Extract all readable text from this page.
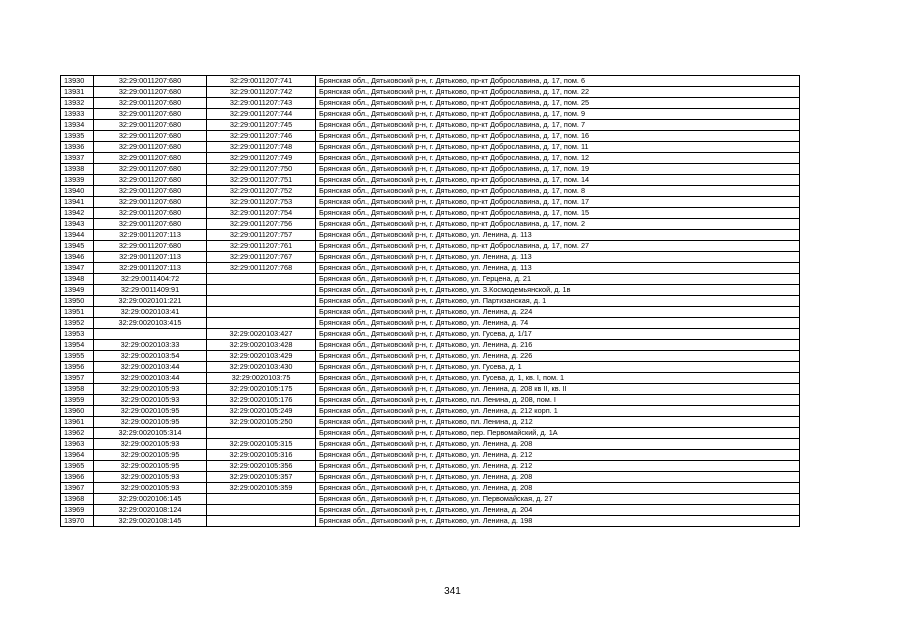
13930	32:29:0011207:680	32:29:0011207:741	Брянская обл., Дятьковский р-н, г. Дятьково, пр-кт Доброславина, д. 17, пом. 6
13931	32:29:0011207:680	32:29:0011207:742	Брянская обл., Дятьковский р-н, г. Дятьково, пр-кт Доброславина, д. 17, пом. 22
13932	32:29:0011207:680	32:29:0011207:743	Брянская обл., Дятьковский р-н, г. Дятьково, пр-кт Доброславина, д. 17, пом. 25
13933	32:29:0011207:680	32:29:0011207:744	Брянская обл., Дятьковский р-н, г. Дятьково, пр-кт Доброславина, д. 17, пом. 9
13934	32:29:0011207:680	32:29:0011207:745	Брянская обл., Дятьковский р-н, г. Дятьково, пр-кт Доброславина, д. 17, пом. 7
13935	32:29:0011207:680	32:29:0011207:746	Брянская обл., Дятьковский р-н, г. Дятьково, пр-кт Доброславина, д. 17, пом. 16
13936	32:29:0011207:680	32:29:0011207:748	Брянская обл., Дятьковский р-н, г. Дятьково, пр-кт Доброславина, д. 17, пом. 11
13937	32:29:0011207:680	32:29:0011207:749	Брянская обл., Дятьковский р-н, г. Дятьково, пр-кт Доброславина, д. 17, пом. 12
13938	32:29:0011207:680	32:29:0011207:750	Брянская обл., Дятьковский р-н, г. Дятьково, пр-кт Доброславина, д. 17, пом. 19
13939	32:29:0011207:680	32:29:0011207:751	Брянская обл., Дятьковский р-н, г. Дятьково, пр-кт Доброславина, д. 17, пом. 14
13940	32:29:0011207:680	32:29:0011207:752	Брянская обл., Дятьковский р-н, г. Дятьково, пр-кт Доброславина, д. 17, пом. 8
13941	32:29:0011207:680	32:29:0011207:753	Брянская обл., Дятьковский р-н, г. Дятьково, пр-кт Доброславина, д. 17, пом. 17
13942	32:29:0011207:680	32:29:0011207:754	Брянская обл., Дятьковский р-н, г. Дятьково, пр-кт Доброславина, д. 17, пом. 15
13943	32:29:0011207:680	32:29:0011207:756	Брянская обл., Дятьковский р-н, г. Дятьково, пр-кт Доброславина, д. 17, пом. 2
13944	32:29:0011207:113	32:29:0011207:757	Брянская обл., Дятьковский р-н, г. Дятьково, ул. Ленина, д. 113
13945	32:29:0011207:680	32:29:0011207:761	Брянская обл., Дятьковский р-н, г. Дятьково, пр-кт Доброславина, д. 17, пом. 27
13946	32:29:0011207:113	32:29:0011207:767	Брянская обл., Дятьковский р-н, г. Дятьково, ул. Ленина, д. 113
13947	32:29:0011207:113	32:29:0011207:768	Брянская обл., Дятьковский р-н, г. Дятьково, ул. Ленина, д. 113
13948	32:29:0011404:72		Брянская обл., Дятьковский р-н, г. Дятьково, ул. Герцена, д. 21
13949	32:29:0011409:91		Брянская обл., Дятьковский р-н, г. Дятьково, ул. З.Космодемьянской, д. 1в
13950	32:29:0020101:221		Брянская обл., Дятьковский р-н, г. Дятьково, ул. Партизанская, д. 1
13951	32:29:0020103:41		Брянская обл., Дятьковский р-н, г. Дятьково, ул. Ленина, д. 224
13952	32:29:0020103:415		Брянская обл., Дятьковский р-н, г. Дятьково, ул. Ленина, д. 74
13953		32:29:0020103:427	Брянская обл., Дятьковский р-н, г. Дятьково, ул. Гусева, д. 1/17
13954	32:29:0020103:33	32:29:0020103:428	Брянская обл., Дятьковский р-н, г. Дятьково, ул. Ленина, д. 216
13955	32:29:0020103:54	32:29:0020103:429	Брянская обл., Дятьковский р-н, г. Дятьково, ул. Ленина, д. 226
13956	32:29:0020103:44	32:29:0020103:430	Брянская обл., Дятьковский р-н, г. Дятьково, ул. Гусева, д. 1
13957	32:29:0020103:44	32:29:0020103:75	Брянская обл., Дятьковский р-н, г. Дятьково, ул. Гусева, д. 1, кв. I, пом. 1
13958	32:29:0020105:93	32:29:0020105:175	Брянская обл., Дятьковский р-н, г. Дятьково, ул. Ленина, д. 208 кв II, кв. II
13959	32:29:0020105:93	32:29:0020105:176	Брянская обл., Дятьковский р-н, г. Дятьково, пл. Ленина, д. 208, пом. I
13960	32:29:0020105:95	32:29:0020105:249	Брянская обл., Дятьковский р-н, г. Дятьково, ул. Ленина, д. 212 корп. 1
13961	32:29:0020105:95	32:29:0020105:250	Брянская обл., Дятьковский р-н, г. Дятьково, пл. Ленина, д. 212
13962	32:29:0020105:314		Брянская обл., Дятьковский р-н, г. Дятьково, пер. Первомайский, д. 1А
13963	32:29:0020105:93	32:29:0020105:315	Брянская обл., Дятьковский р-н, г. Дятьково, ул. Ленина, д. 208
13964	32:29:0020105:95	32:29:0020105:316	Брянская обл., Дятьковский р-н, г. Дятьково, ул. Ленина, д. 212
13965	32:29:0020105:95	32:29:0020105:356	Брянская обл., Дятьковский р-н, г. Дятьково, ул. Ленина, д. 212
13966	32:29:0020105:93	32:29:0020105:357	Брянская обл., Дятьковский р-н, г. Дятьково, ул. Ленина, д. 208
13967	32:29:0020105:93	32:29:0020105:359	Брянская обл., Дятьковский р-н, г. Дятьково, ул. Ленина, д. 208
13968	32:29:0020106:145		Брянская обл., Дятьковский р-н, г. Дятьково, ул. Первомайская, д. 27
13969	32:29:0020108:124		Брянская обл., Дятьковский р-н, г. Дятьково, ул. Ленина, д. 204
13970	32:29:0020108:145		Брянская обл., Дятьковский р-н, г. Дятьково, ул. Ленина, д. 198
341
